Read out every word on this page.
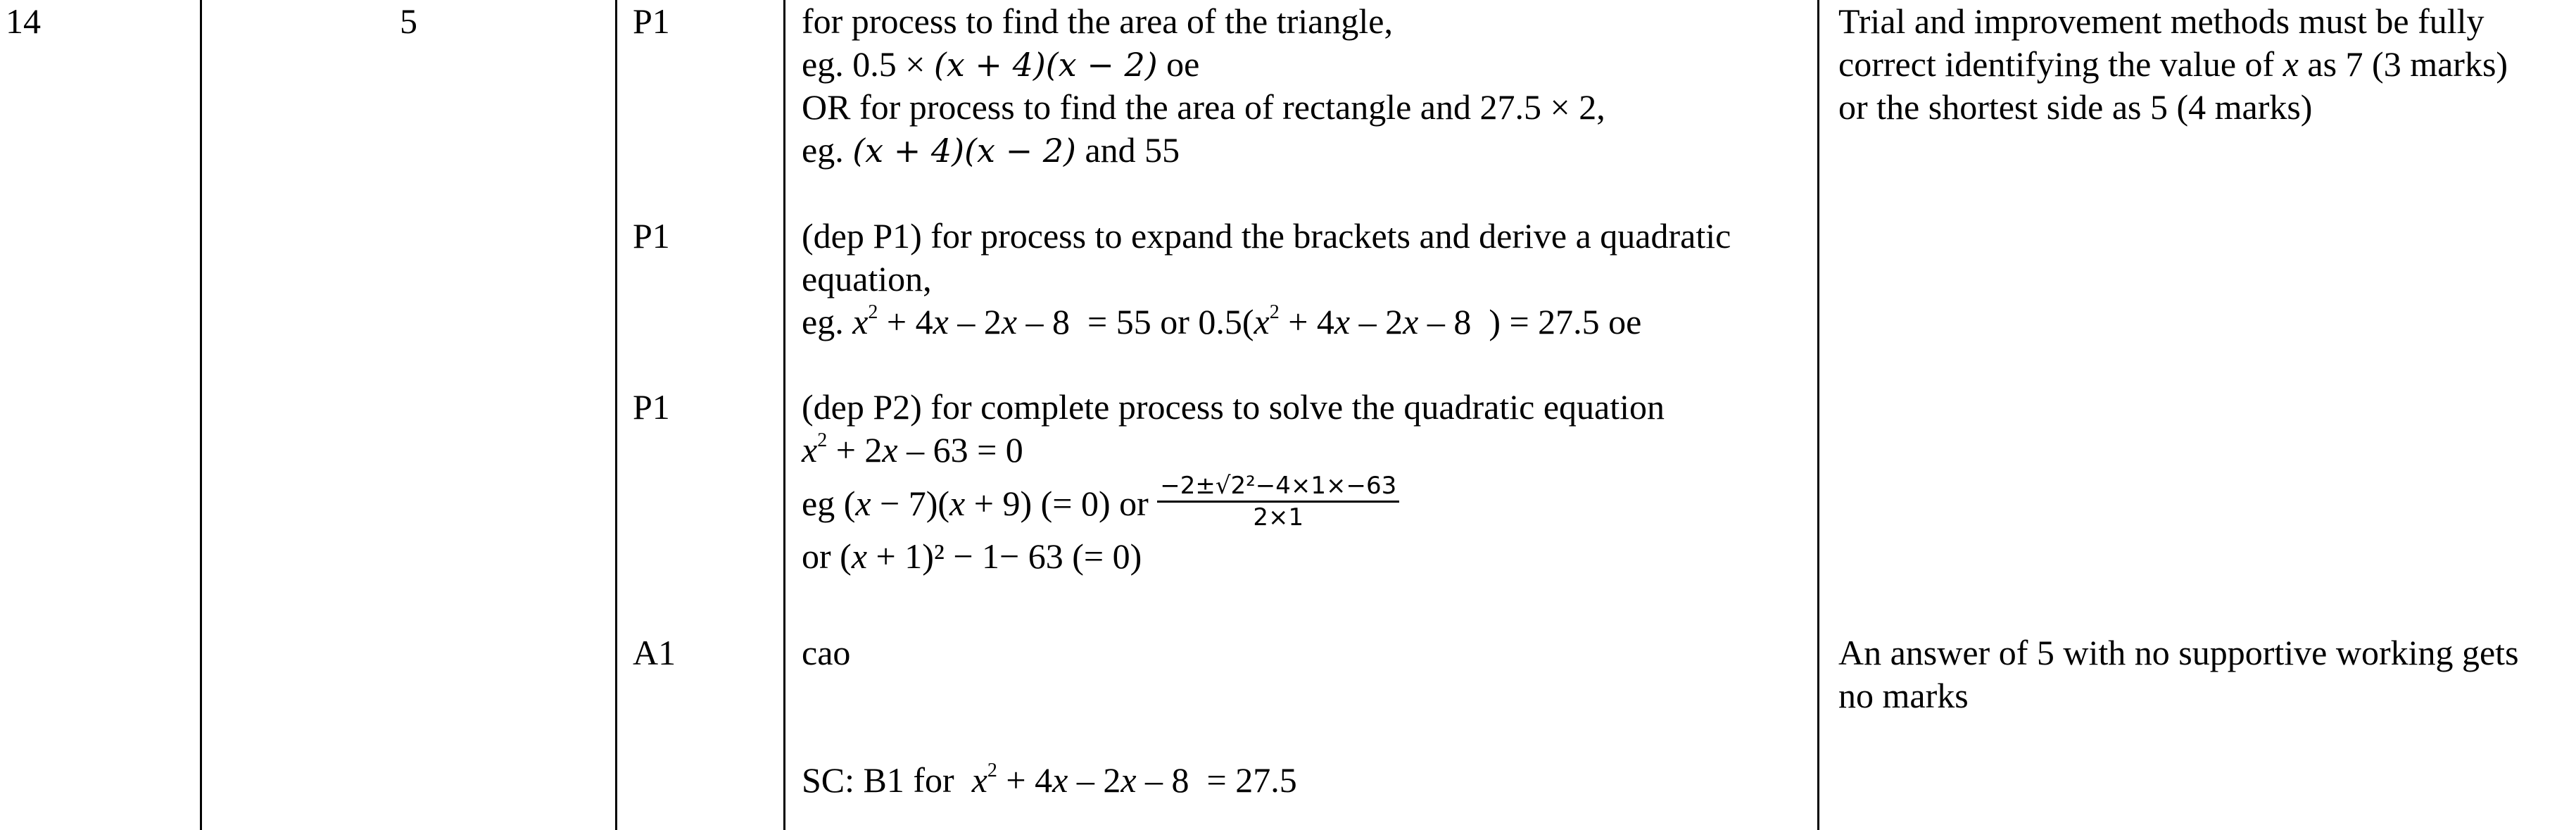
14	5	P1
P1
P1
A1
for process to find the area of the triangle,
eg. 0.5 × (x + 4)(x − 2) oe
OR for process to find the area of rectangle and 27.5 × 2,
eg. (x + 4)(x − 2) and 55
(dep P1) for process to expand the brackets and derive a quadratic
equation,
eg. $x^2 + 4x - 2x - 8 = 55$ or $0.5(x^2 + 4x - 2x - 8$  ) = 27.5 oe
(dep P2) for complete process to solve the quadratic equation
$x^2 + 2x - 63 = 0$
eg (x − 7)(x + 9) (= 0) or $\frac{\text{−2±√2²−4×1×−63}}{2\times 1}$
or (x + 1)² − 1− 63 (= 0)
cao
SC: B1 for  $x^2 + 4x - 2x - 8 = 27.5$
Trial and improvement methods must be fully
correct identifying the value of x as 7 (3 marks)
or the shortest side as 5 (4 marks)
An answer of 5 with no supportive working gets
no marks
